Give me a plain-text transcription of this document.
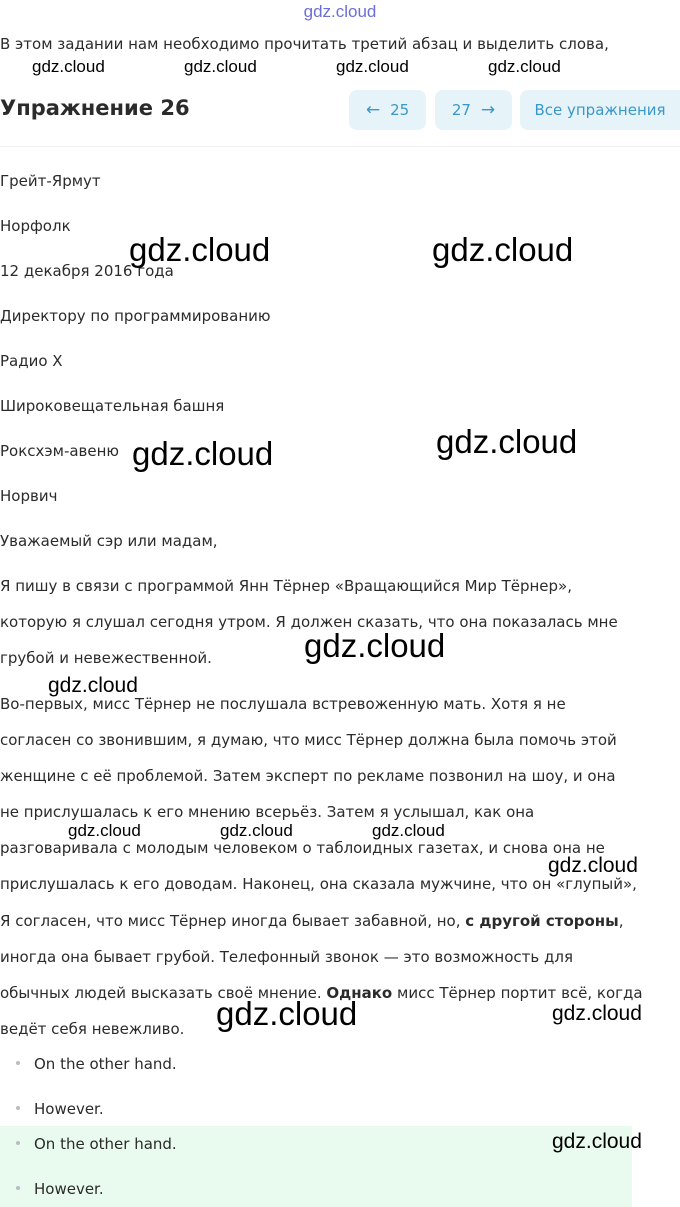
gdz.cloud
В этом задании нам необходимо прочитать третий абзац и выделить слова,
gdz.cloud	gdz.cloud	gdz.cloud	gdz.cloud
Упражнение 26	← 25	27 →	Все упражнения
Грейт-Ярмут
Норфолк
12 декабря 2016 года
Директору по программированию
Радио X
Широковещательная башня
Роксхэм-авеню
Норвич
Уважаемый сэр или мадам,
Я пишу в связи с программой Янн Тёрнер «Вращающийся Мир Тёрнер»,
которую я слушал сегодня утром. Я должен сказать, что она показалась мне
грубой и невежественной.
Во-первых, мисс Тёрнер не послушала встревоженную мать. Хотя я не
согласен со звонившим, я думаю, что мисс Тёрнер должна была помочь этой
женщине с её проблемой. Затем эксперт по рекламе позвонил на шоу, и она
не прислушалась к его мнению всерьёз. Затем я услышал, как она
разговаривала с молодым человеком о таблоидных газетах, и снова она не
прислушалась к его доводам. Наконец, она сказала мужчине, что он «глупый»,
Я согласен, что мисс Тёрнер иногда бывает забавной, но, с другой стороны,
иногда она бывает грубой. Телефонный звонок — это возможность для
обычных людей высказать своё мнение. Однако мисс Тёрнер портит всё, когда
ведёт себя невежливо.
On the other hand.
However.
On the other hand.
However.
gdz.cloud	gdz.cloud
gdz.cloud
gdz.cloud
gdz.cloud
gdz.cloud
gdz.cloud	gdz.cloud	gdz.cloud
gdz.cloud
gdz.cloud	gdz.cloud
gdz.cloud
